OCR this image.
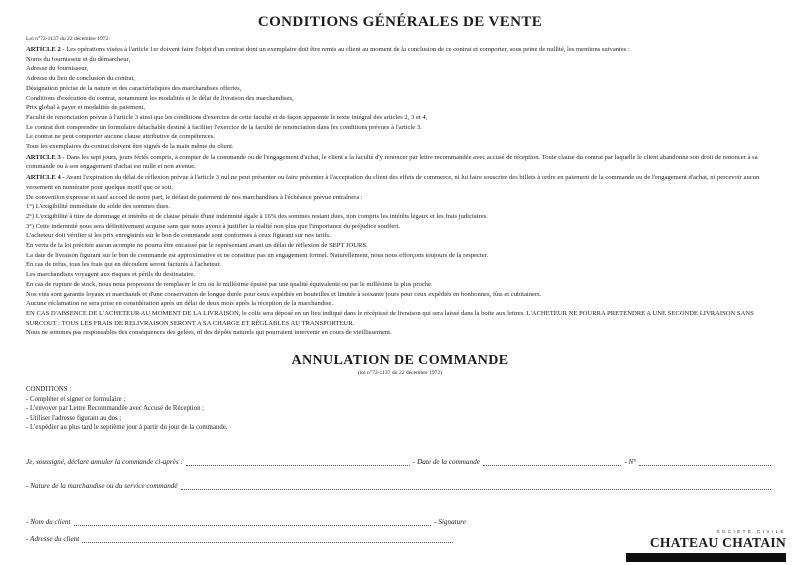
CONDITIONS GÉNÉRALES DE VENTE
Loi n°72-1137 du 22 décembre 1972.

ARTICLE 2 - Les opérations visées à l'article 1er doivent faire l'objet d'un contrat dont un exemplaire doit être remis au client au moment de la conclusion de ce contrat et comporter, sous peine de nullité, les mentions suivantes :

Noms du fournisseur et du démarcheur,
Adresse du fournisseur,
Adresse du lieu de conclusion du contrat,
Désignation précise de la nature et des caractéristiques des marchandises offertes,
Conditions d'exécution du contrat, notamment les modalités et le délai de livraison des marchandises,
Prix global à payer et modalités de paiement,
Faculté de renonciation prévue à l'article 3 ainsi que les conditions d'exercice de cette faculté et de façon apparente le texte intégral des articles 2, 3 et 4,
Le contrat doit comprendre un formulaire détachable destiné à faciliter l'exercice de la faculté de renonciation dans les conditions prévues à l'article 3.
Le contrat ne peut comporter aucune clause attributive de compétences.
Tous les exemplaires du contrat doivent être signés de la main même du client.

ARTICLE 3 - Dans les sept jours, jours fériés compris, à compter de la commande ou de l'engagement d'achat, le client a la faculté d'y renoncer par lettre recommandée avec accusé de réception. Toute clause du contrat par laquelle le client abandonne son droit de renoncer à sa commande ou à son engagement d'achat est nulle et non avenue.

ARTICLE 4 - Avant l'expiration du délai de réflexion prévue à l'article 3 nul ne peut présenter ou faire présenter à l'acceptation du client des effets de commerce, ni lui faire souscrire des billets à ordre en paiement de la commande ou de l'engagement d'achat, ni percevoir aucun versement en numéraire pour quelque motif que ce soit.

De convention expresse et sauf accord de notre part, le défaut de paiement de nos marchandises à l'échéance prévue entraînera :
1°) L'exigibilité immédiate du solde des sommes dues.
2°) L'exigibilité à titre de dommage et intérêts et de clause pénale d'une indemnité égale à 16% des sommes restant dues, non compris les intérêts légaux et les frais judiciaires.
3°) Cette indemnité nous sera définitivement acquise sans que nous ayons à justifier la réalité non plus que l'importance du préjudice souffert.
L'acheteur doit vérifier si les prix enregistrés sur le bon de commande sont conformes à ceux figurant sur nos tarifs.
En vertu de la loi précitée aucun acompte ne pourra être encaissé par le représentant avant un délai de réflexion de SEPT JOURS.
La date de livraison figurant sur le bon de commande est approximative et ne constitue pas un engagement formel. Naturellement, nous nous efforçons toujours de la respecter.
En cas de refus, tous les frais qui en découlent seront facturés à l'acheteur.
Les marchandises voyagent aux risques et périls du destinataire.
En cas de rupture de stock, nous nous proposons de remplacer le cru ou le millésime épuisé par une qualité équivalente ou par le millésime le plus proche.
Nos vins sont garantis loyaux et marchands et d'une conservation de longue durée pour ceux expédiés en bouteilles et limitée à soixante jours pour ceux expédiés en bonbonnes, fûts et cubitainers.
Aucune réclamation ne sera prise en considération après un délai de deux mois après la réception de la marchandise.
EN CAS D'ABSENCE DE L'ACHETEUR AU MOMENT DE LA LIVRAISON, le colis sera déposé en un lieu indiqué dans le récépissé de livraison qui sera laissé dans la boite aux lettres. L'ACHETEUR NE POURRA PRETENDRE A UNE SECONDE LIVRAISON SANS SURCOUT : TOUS LES FRAIS DE RELIVRAISON SERONT A SA CHARGE ET RÉGLABLES AU TRANSPORTEUR.
Nous ne sommes pas responsables des conséquences des gelées, ni des dépôts naturels qui pourraient intervenir en cours de vieillissement.
ANNULATION DE COMMANDE
(loi n°72-1137 du 22 décembre 1972)
CONDITIONS :
- Compléter et signer ce formulaire ;
- L'envoyer par Lettre Recommandée avec Accusé de Réception ;
- Utiliser l'adresse figurant au dos ;
- L'expédier au plus tard le septième jour à partir du jour de la commande.
Je, soussigné, déclare annuler la commande ci-après :	- Date de la commande	- N°
- Nature de la marchandise ou du service commandé
- Nom du client	- Signature
- Adresse du client
SOCIÉTÉ CIVILE
CHATEAU CHATAIN
